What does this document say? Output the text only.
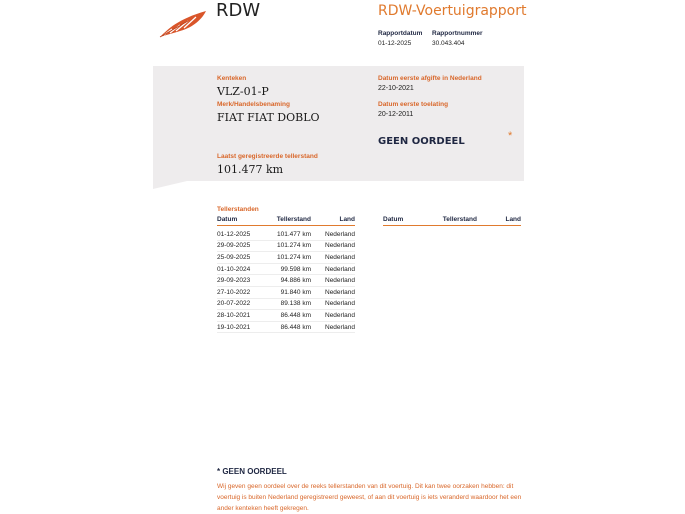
RDW	RDW-Voertuigrapport
Rapportdatum
01-12-2025
Rapportnummer
30.043.404
Kenteken
VLZ-01-P
Merk/Handelsbenaming
FIAT FIAT DOBLO
Laatst geregistreerde tellerstand
101.477 km
Datum eerste afgifte in Nederland
22-10-2021
Datum eerste toelating
20-12-2011
GEEN OORDEEL	*
Tellerstanden
Datum	Tellerstand	Land
01-12-2025	101.477 km	Nederland
29-09-2025	101.274 km	Nederland
25-09-2025	101.274 km	Nederland
01-10-2024	99.598 km	Nederland
29-09-2023	94.886 km	Nederland
27-10-2022	91.840 km	Nederland
20-07-2022	89.138 km	Nederland
28-10-2021	86.448 km	Nederland
19-10-2021	86.448 km	Nederland
Datum	Tellerstand	Land
* GEEN OORDEEL
Wij geven geen oordeel over de reeks tellerstanden van dit voertuig. Dit kan twee oorzaken hebben: dit voertuig is buiten Nederland geregistreerd geweest, of aan dit voertuig is iets veranderd waardoor het een ander kenteken heeft gekregen.
